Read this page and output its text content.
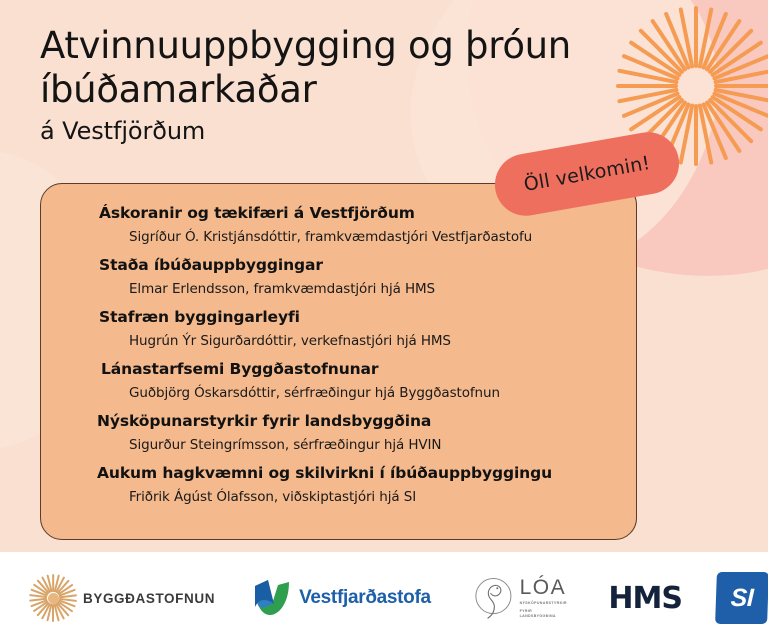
Atvinnuuppbygging og þróun
íbúðamarkaðar
á Vestfjörðum
Öll velkomin!
Áskoranir og tækifæri á Vestfjörðum
Sigríður Ó. Kristjánsdóttir, framkvæmdastjóri Vestfjarðastofu
Staða íbúðauppbyggingar
Elmar Erlendsson, framkvæmdastjóri hjá HMS
Stafræn byggingarleyfi
Hugrún Ýr Sigurðardóttir, verkefnastjóri hjá HMS
Lánastarfsemi Byggðastofnunar
Guðbjörg Óskarsdóttir, sérfræðingur hjá Byggðastofnun
Nýsköpunarstyrkir fyrir landsbyggðina
Sigurður Steingrímsson, sérfræðingur hjá HVIN
Aukum hagkvæmni og skilvirkni í íbúðauppbyggingu
Friðrik Ágúst Ólafsson, viðskiptastjóri hjá SI
BYGGÐASTOFNUN	Vestfjarðastofa	LÓA
NÝSKÖPUNARSTYRKIR
FYRIR LANDSBYGGÐINA	HMS SI
